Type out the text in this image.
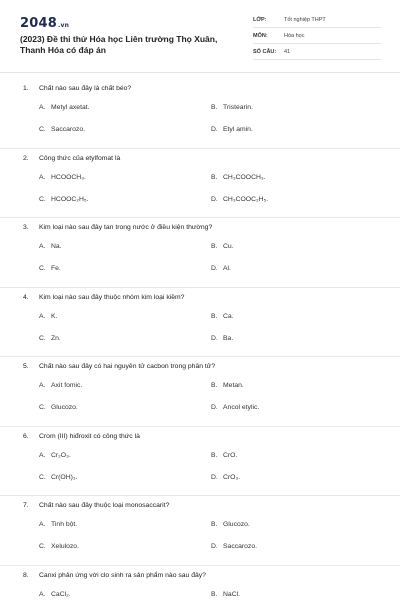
2048.vn
(2023) Đề thi thử Hóa học Liên trường Thọ Xuân, Thanh Hóa có đáp án
LỚP:	Tốt nghiệp THPT
MÔN:	Hóa học
SỐ CÂU: 41
1. Chất nào sau đây là chất béo?
A. Metyl axetat.	B. Tristearin.
C. Saccarozo.	D. Etyl amin.
2. Công thức của etylfomat là
A. HCOOCH₃.	B. CH₃COOCH₃.
C. HCOOC₂H₅.	D. CH₃COOC₂H₅.
3. Kim loại nào sau đây tan trong nước ở điều kiện thường?
A. Na.	B. Cu.
C. Fe.	D. Al.
4. Kim loại nào sau đây thuộc nhóm kim loại kiềm?
A. K.	B. Ca.
C. Zn.	D. Ba.
5. Chất nào sau đây có hai nguyên tử cacbon trong phân tử?
A. Axit fomic.	B. Metan.
C. Glucozo.	D. Ancol etylic.
6. Crom (III) hiđroxit có công thức là
A. Cr₂O₃.	B. CrO.
C. Cr(OH)₃.	D. CrO₃.
7. Chất nào sau đây thuộc loại monosaccarit?
A. Tinh bột.	B. Glucozo.
C. Xelulozo.	D. Saccarozo.
8. Canxi phản ứng với clo sinh ra sản phẩm nào sau đây?
A. CaCl₂.	B. NaCl.
